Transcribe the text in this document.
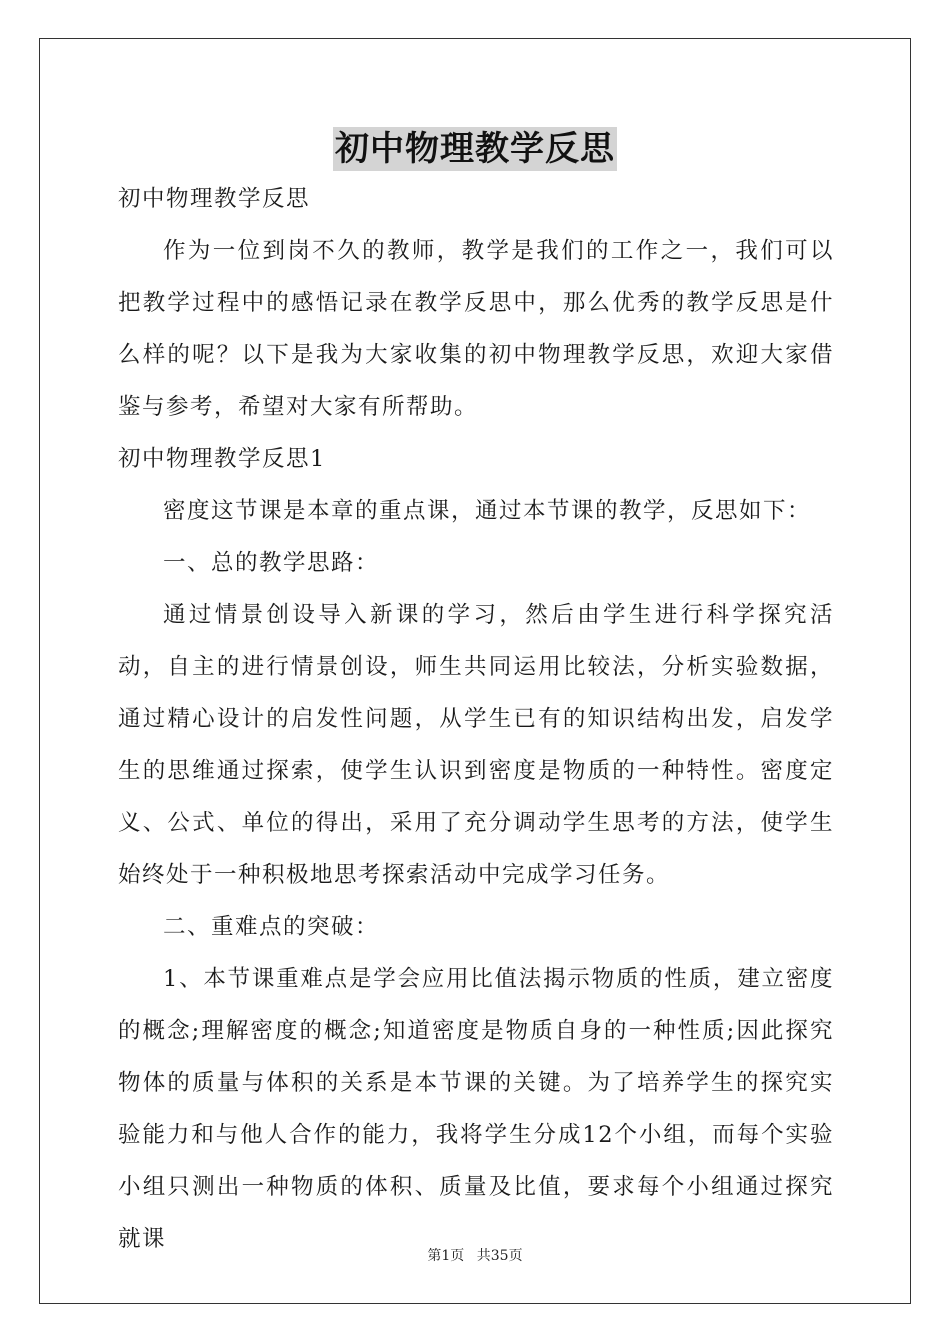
初中物理教学反思

初中物理教学反思

作为一位到岗不久的教师，教学是我们的工作之一，我们可以把教学过程中的感悟记录在教学反思中，那么优秀的教学反思是什么样的呢？以下是我为大家收集的初中物理教学反思，欢迎大家借鉴与参考，希望对大家有所帮助。

初中物理教学反思1

密度这节课是本章的重点课，通过本节课的教学，反思如下：

一、总的教学思路：

通过情景创设导入新课的学习，然后由学生进行科学探究活动，自主的进行情景创设，师生共同运用比较法，分析实验数据，通过精心设计的启发性问题，从学生已有的知识结构出发，启发学生的思维通过探索，使学生认识到密度是物质的一种特性。密度定义、公式、单位的得出，采用了充分调动学生思考的方法，使学生始终处于一种积极地思考探索活动中完成学习任务。

二、重难点的突破：

1、本节课重难点是学会应用比值法揭示物质的性质，建立密度的概念;理解密度的概念;知道密度是物质自身的一种性质;因此探究物体的质量与体积的关系是本节课的关键。为了培养学生的探究实验能力和与他人合作的能力，我将学生分成12个小组，而每个实验小组只测出一种物质的体积、质量及比值，要求每个小组通过探究就课

第1页 共35页
